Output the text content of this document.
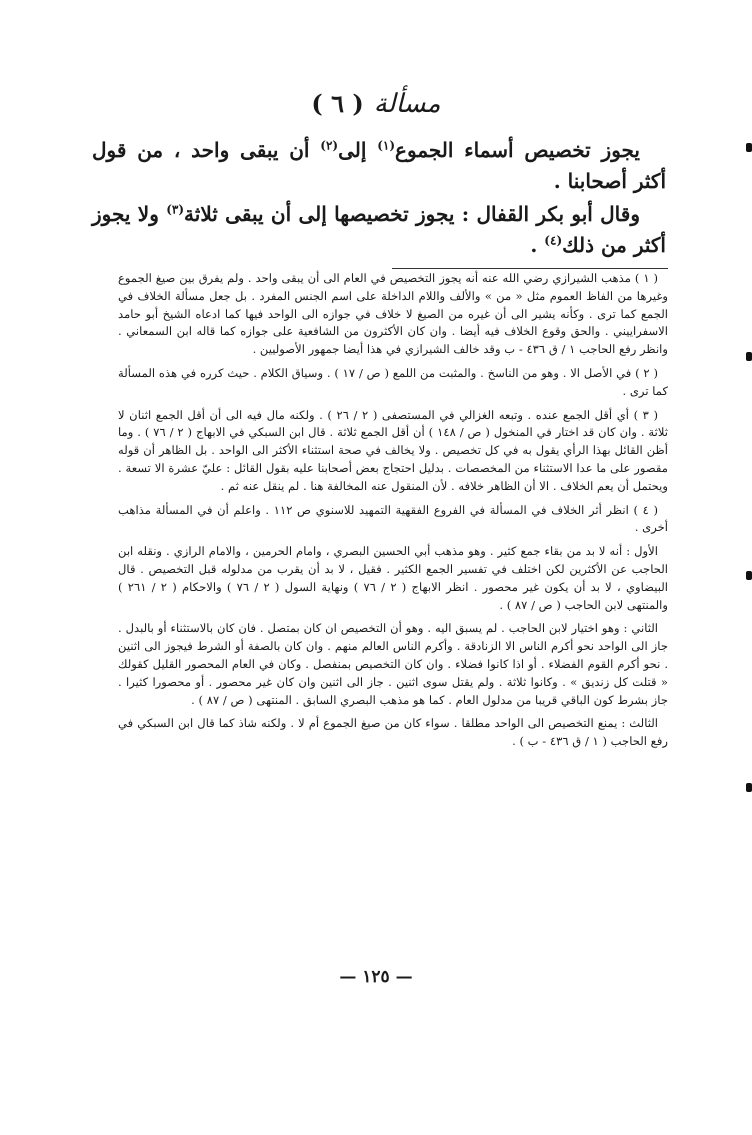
مسألة( ٦ )

يجوز تخصيص أسماء الجموع$^{(١)}$ إلى$^{(٢)}$ أن يبقى واحد ، من قول أكثر أصحابنا .

وقال أبو بكر القفال : يجوز تخصيصها إلى أن يبقى ثلاثة$^{(٣)}$ ولا يجوز أكثر من ذلك$^{(٤)}$ .

( ١ ) مذهب الشيرازي رضي الله عنه أنه يجوز التخصيص في العام الى أن يبقى واحد . ولم يفرق بين صيغ الجموع وغيرها من الفاظ العموم مثل « من » والألف واللام الداخلة على اسم الجنس المفرد . بل جعل مسألة الخلاف في الجمع كما ترى . وكأنه يشير الى أن غيره من الصيغ لا خلاف في جوازه الى الواحد فيها كما ادعاه الشيخ أبو حامد الاسفراييني . والحق وقوع الخلاف فيه أيضا . وان كان الأكثرون من الشافعية على جوازه كما قاله ابن السمعاني . وانظر رفع الحاجب ١ / ق ٤٣٦ - ب وقد خالف الشيرازي في هذا أيضا جمهور الأصوليين .

( ٢ ) في الأصل الا . وهو من الناسخ . والمثبت من اللمع ( ص / ١٧ ) . وسياق الكلام . حيث كرره في هذه المسألة كما ترى .

( ٣ ) أي أقل الجمع عنده . وتبعه الغزالي في المستصفى ( ٢ / ٢٦ ) . ولكنه مال فيه الى أن أقل الجمع اثنان لا ثلاثة . وان كان قد اختار في المنخول ( ص / ١٤٨ ) أن أقل الجمع ثلاثة . قال ابن السبكي في الابهاج ( ٢ / ٧٦ ) . وما أظن القائل بهذا الرأي يقول به في كل تخصيص . ولا يخالف في صحة استثناء الأكثر الى الواحد . بل الظاهر أن قوله مقصور على ما عدا الاستثناء من المخصصات . بدليل احتجاج بعض أصحابنا عليه بقول القائل : عليّ عشرة الا تسعة . ويحتمل أن يعم الخلاف . الا أن الظاهر خلافه . لأن المنقول عنه المخالفة هنا . لم ينقل عنه ثم .

( ٤ ) انظر أثر الخلاف في المسألة في الفروع الفقهية التمهيد للاسنوي ص ١١٢ . واعلم أن في المسألة مذاهب أخرى .

الأول : أنه لا بد من بقاء جمع كثير . وهو مذهب أبي الحسين البصري ، وامام الحرمين ، والامام الرازي . ونقله ابن الحاجب عن الأكثرين لكن اختلف في تفسير الجمع الكثير . فقيل ، لا بد أن يقرب من مدلوله قبل التخصيص . قال البيضاوي ، لا بد أن يكون غير محصور . انظر الابهاج ( ٢ / ٧٦ ) ونهاية السول ( ٢ / ٧٦ ) والاحكام ( ٢ / ٢٦١ ) والمنتهى لابن الحاجب ( ص / ٨٧ ) .

الثاني : وهو اختيار لابن الحاجب . لم يسبق اليه . وهو أن التخصيص ان كان بمتصل . فان كان بالاستثناء أو بالبدل . جاز الى الواحد نحو أكرم الناس الا الزنادقة . وأكرم الناس العالم منهم . وان كان بالصفة أو الشرط فيجوز الى اثنين . نحو أكرم القوم الفضلاء . أو اذا كانوا فضلاء . وان كان التخصيص بمنفصل . وكان في العام المحصور القليل كقولك « قتلت كل زنديق » . وكانوا ثلاثة . ولم يقتل سوى اثنين . جاز الى اثنين وان كان غير محصور . أو محصورا كثيرا . جاز بشرط كون الباقي قريبا من مدلول العام . كما هو مذهب البصري السابق . المنتهى ( ص / ٨٧ ) .

الثالث : يمنع التخصيص الى الواحد مطلقا . سواء كان من صيغ الجموع أم لا . ولكنه شاذ كما قال ابن السبكي في رفع الحاجب ( ١ / ق ٤٣٦ - ب ) .

— ١٢٥ —
